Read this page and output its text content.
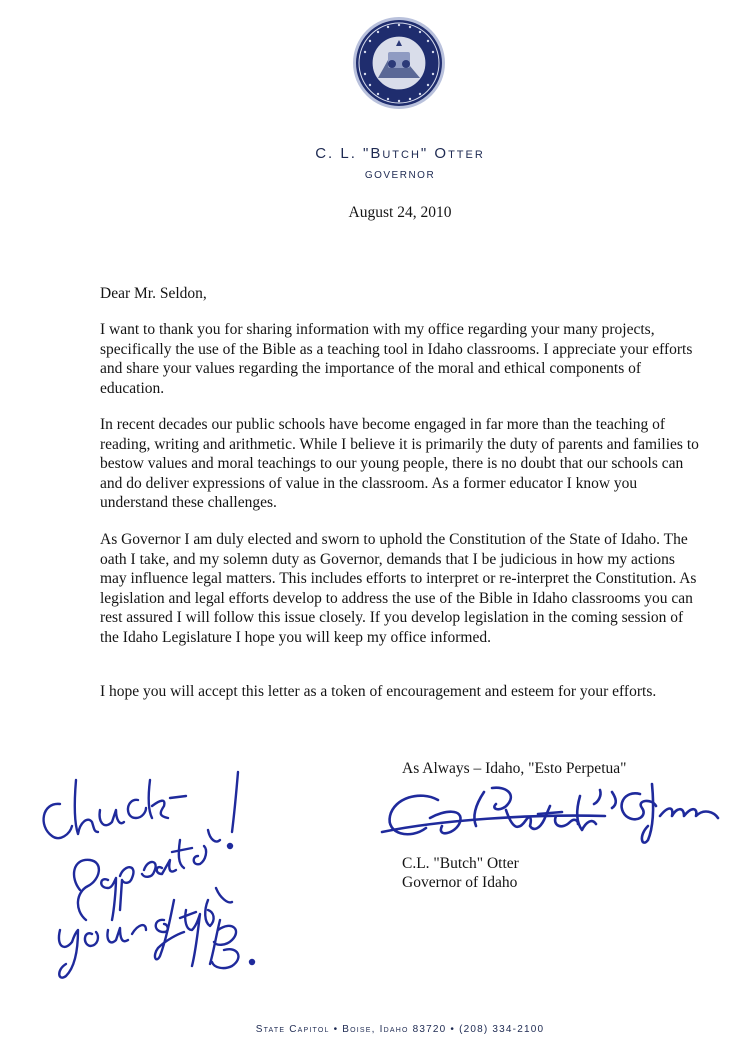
C. L. "Butch" Otter
GOVERNOR
August 24, 2010
Dear Mr. Seldon,

I want to thank you for sharing information with my office regarding your many projects, specifically the use of the Bible as a teaching tool in Idaho classrooms. I appreciate your efforts and share your values regarding the importance of the moral and ethical components of education.

In recent decades our public schools have become engaged in far more than the teaching of reading, writing and arithmetic. While I believe it is primarily the duty of parents and families to bestow values and moral teachings to our young people, there is no doubt that our schools can and do deliver expressions of value in the classroom. As a former educator I know you understand these challenges.

As Governor I am duly elected and sworn to uphold the Constitution of the State of Idaho. The oath I take, and my solemn duty as Governor, demands that I be judicious in how my actions may influence legal matters. This includes efforts to interpret or re-interpret the Constitution. As legislation and legal efforts develop to address the use of the Bible in Idaho classrooms you can rest assured I will follow this issue closely. If you develop legislation in the coming session of the Idaho Legislature I hope you will keep my office informed.

I hope you will accept this letter as a token of encouragement and esteem for your efforts.

As Always – Idaho, "Esto Perpetua"
C.L. "Butch" Otter
Governor of Idaho
State Capitol • Boise, Idaho 83720 • (208) 334-2100
